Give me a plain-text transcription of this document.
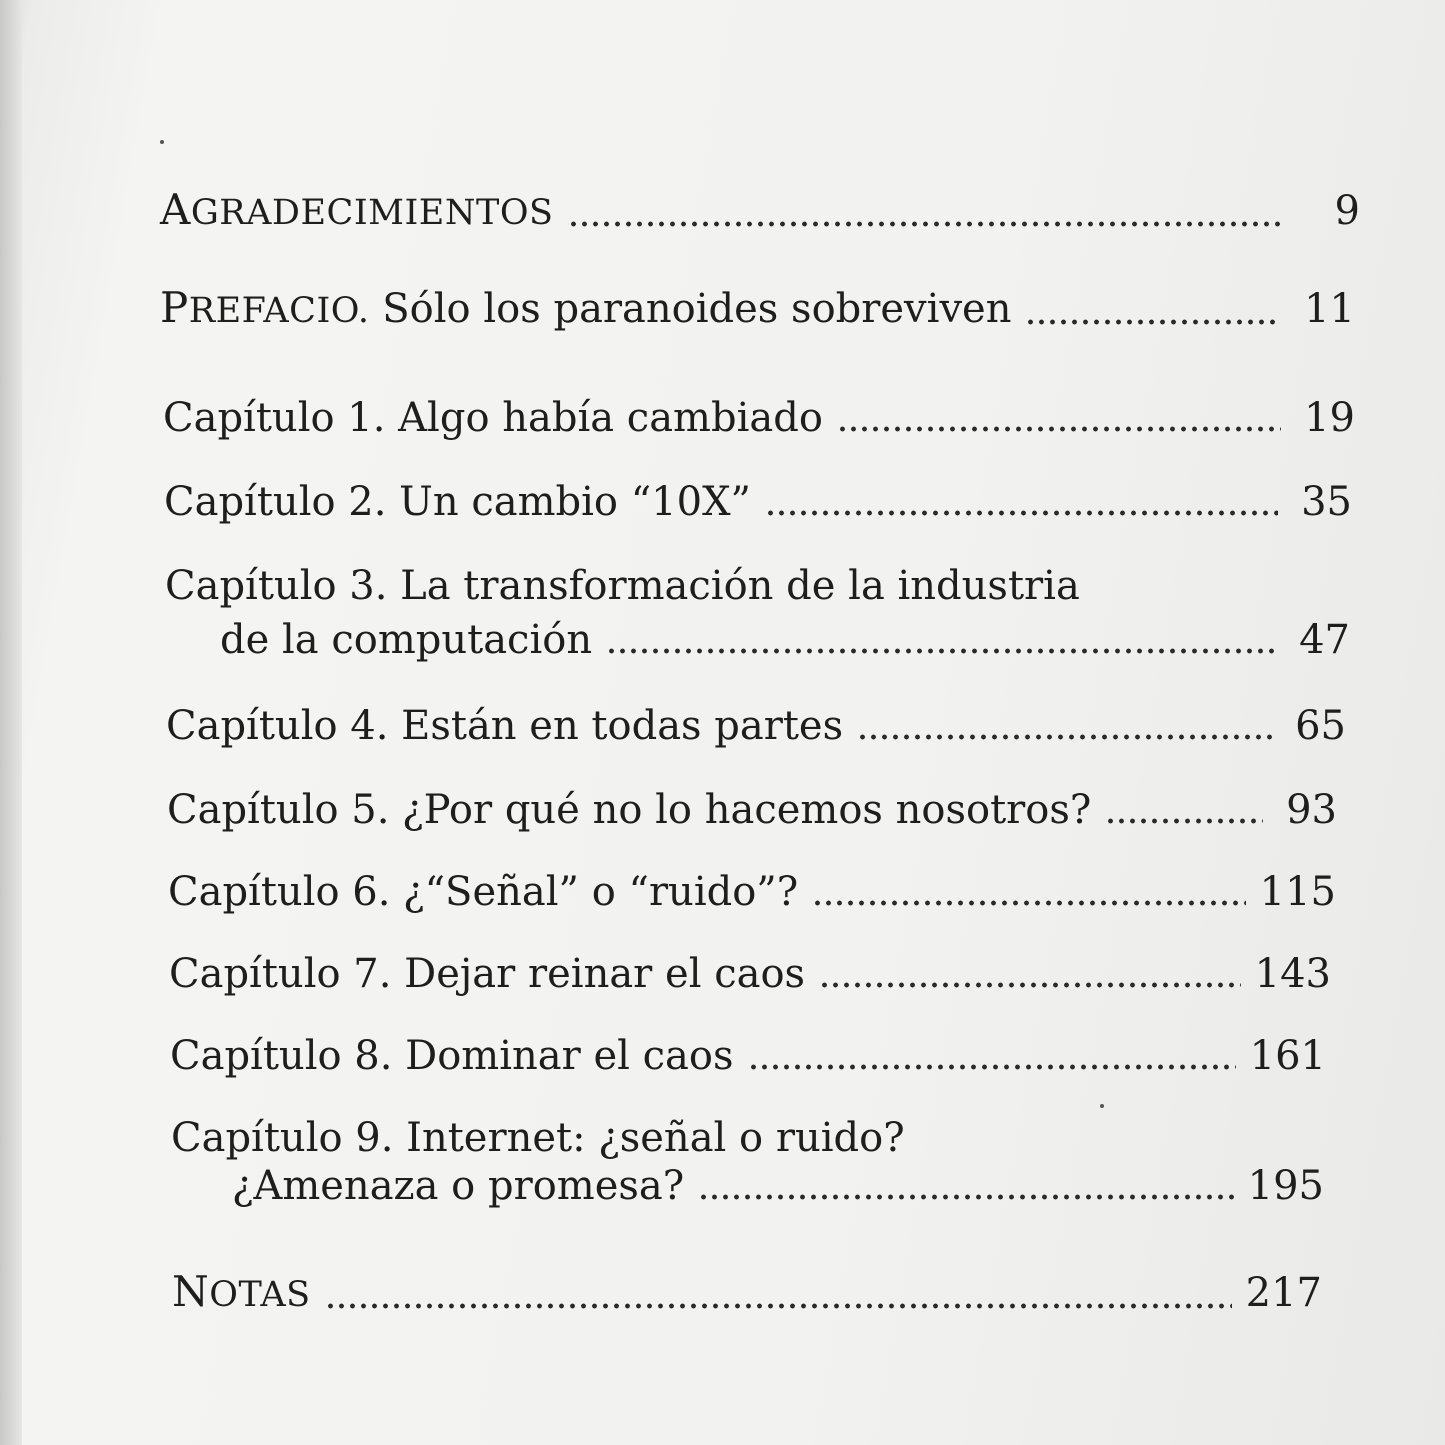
AGRADECIMIENTOS	9
PREFACIO. Sólo los paranoides sobreviven	11
Capítulo 1. Algo había cambiado	19
Capítulo 2. Un cambio “10X”	35
Capítulo 3. La transformación de la industria
de la computación	47
Capítulo 4. Están en todas partes	65
Capítulo 5. ¿Por qué no lo hacemos nosotros?	93
Capítulo 6. ¿“Señal” o “ruido”?	115
Capítulo 7. Dejar reinar el caos	143
Capítulo 8. Dominar el caos	161
Capítulo 9. Internet: ¿señal o ruido?
¿Amenaza o promesa?	195
NOTAS	217
